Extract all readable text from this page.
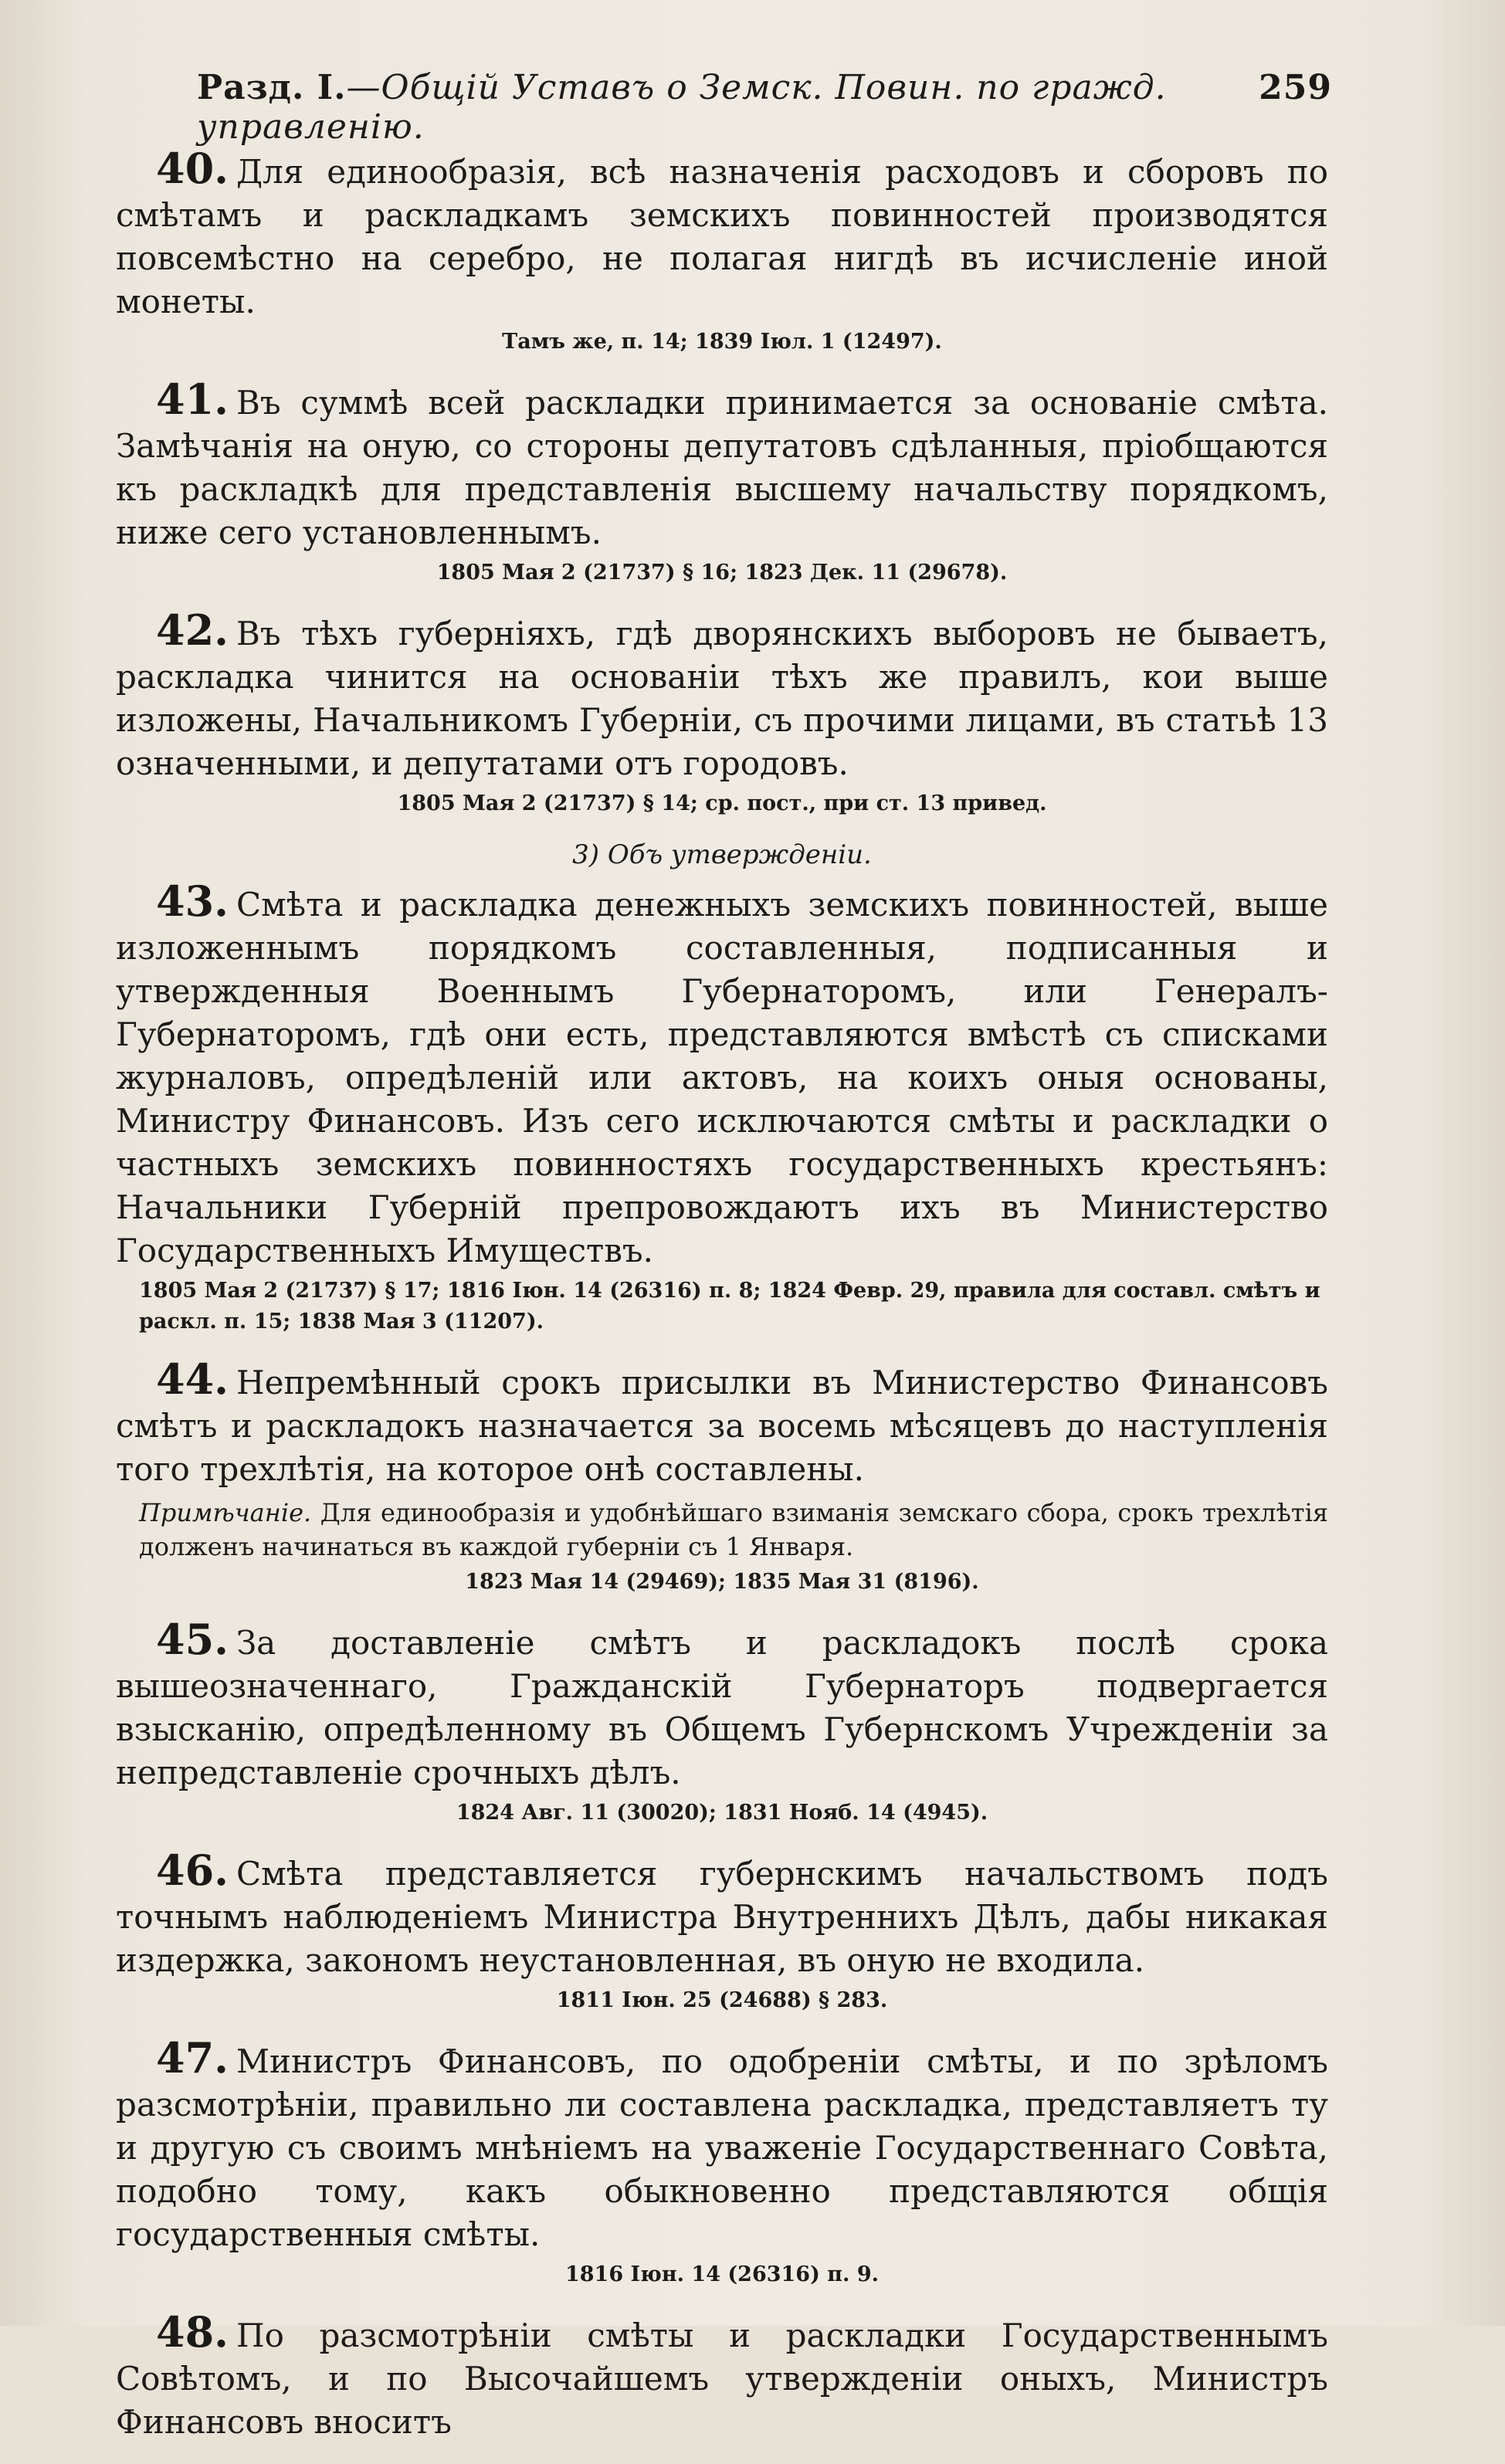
Разд. I.—Общій Уставъ о Земск. Повин. по гражд. управленію.
259

40. Для единообразія, всѣ назначенія расходовъ и сборовъ по смѣтамъ и раскладкамъ земскихъ повинностей производятся повсемѣстно на серебро, не полагая нигдѣ въ исчисленіе иной монеты.

Тамъ же, п. 14; 1839 Іюл. 1 (12497).

41. Въ суммѣ всей раскладки принимается за основаніе смѣта. Замѣчанія на оную, со стороны депутатовъ сдѣланныя, пріобщаются къ раскладкѣ для представленія высшему начальству порядкомъ, ниже сего установленнымъ.

1805 Мая 2 (21737) § 16; 1823 Дек. 11 (29678).

42. Въ тѣхъ губерніяхъ, гдѣ дворянскихъ выборовъ не бываетъ, раскладка чинится на основаніи тѣхъ же правилъ, кои выше изложены, Начальникомъ Губерніи, съ прочими лицами, въ статьѣ 13 означенными, и депутатами отъ городовъ.

1805 Мая 2 (21737) § 14; ср. пост., при ст. 13 привед.
3) Объ утвержденіи.

43. Смѣта и раскладка денежныхъ земскихъ повинностей, выше изложеннымъ порядкомъ составленныя, подписанныя и утвержденныя Военнымъ Губернаторомъ, или Генералъ-Губернаторомъ, гдѣ они есть, представляются вмѣстѣ съ списками журналовъ, опредѣленій или актовъ, на коихъ оныя основаны, Министру Финансовъ. Изъ сего исключаются смѣты и раскладки о частныхъ земскихъ повинностяхъ государственныхъ крестьянъ: Начальники Губерній препровождаютъ ихъ въ Министерство Государственныхъ Имуществъ.

1805 Мая 2 (21737) § 17; 1816 Іюн. 14 (26316) п. 8; 1824 Февр. 29, правила для составл. смѣтъ и раскл. п. 15; 1838 Мая 3 (11207).

44. Непремѣнный срокъ присылки въ Министерство Финансовъ смѣтъ и раскладокъ назначается за восемь мѣсяцевъ до наступленія того трехлѣтія, на которое онѣ составлены.

Примѣчаніе. Для единообразія и удобнѣйшаго взиманія земскаго сбора, срокъ трехлѣтія долженъ начинаться въ каждой губерніи съ 1 Января.
1823 Мая 14 (29469); 1835 Мая 31 (8196).

45. За доставленіе смѣтъ и раскладокъ послѣ срока вышеозначеннаго, Гражданскій Губернаторъ подвергается взысканію, опредѣленному въ Общемъ Губернскомъ Учрежденіи за непредставленіе срочныхъ дѣлъ.

1824 Авг. 11 (30020); 1831 Нояб. 14 (4945).

46. Смѣта представляется губернскимъ начальствомъ подъ точнымъ наблюденіемъ Министра Внутреннихъ Дѣлъ, дабы никакая издержка, закономъ неустановленная, въ оную не входила.

1811 Іюн. 25 (24688) § 283.

47. Министръ Финансовъ, по одобреніи смѣты, и по зрѣломъ разсмотрѣніи, правильно ли составлена раскладка, представляетъ ту и другую съ своимъ мнѣніемъ на уваженіе Государственнаго Совѣта, подобно тому, какъ обыкновенно представляются общія государственныя смѣты.

1816 Іюн. 14 (26316) п. 9.

48. По разсмотрѣніи смѣты и раскладки Государственнымъ Совѣтомъ, и по Высочайшемъ утвержденіи оныхъ, Министръ Финансовъ вноситъ
